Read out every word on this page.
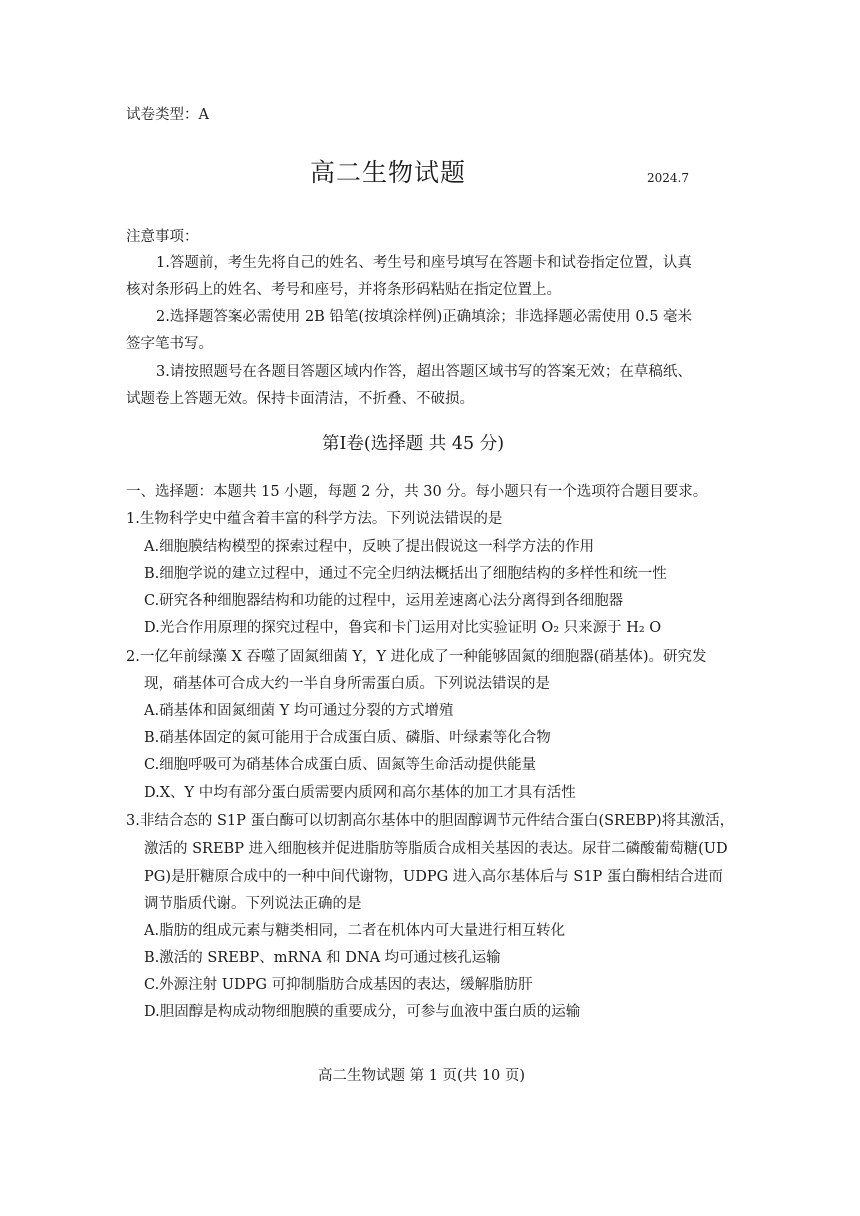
试卷类型：A
高二生物试题	2024.7
注意事项：
1.答题前，考生先将自己的姓名、考生号和座号填写在答题卡和试卷指定位置，认真
核对条形码上的姓名、考号和座号，并将条形码粘贴在指定位置上。
2.选择题答案必需使用 2B 铅笔(按填涂样例)正确填涂；非选择题必需使用 0.5 毫米
签字笔书写。
3.请按照题号在各题目答题区域内作答，超出答题区域书写的答案无效；在草稿纸、
试题卷上答题无效。保持卡面清洁，不折叠、不破损。
第Ⅰ卷(选择题 共 45 分)
一、选择题：本题共 15 小题，每题 2 分，共 30 分。每小题只有一个选项符合题目要求。
1.生物科学史中蕴含着丰富的科学方法。下列说法错误的是
A.细胞膜结构模型的探索过程中，反映了提出假说这一科学方法的作用
B.细胞学说的建立过程中，通过不完全归纳法概括出了细胞结构的多样性和统一性
C.研究各种细胞器结构和功能的过程中，运用差速离心法分离得到各细胞器
D.光合作用原理的探究过程中，鲁宾和卡门运用对比实验证明 O₂ 只来源于 H₂ O
2.一亿年前绿藻 X 吞噬了固氮细菌 Y，Y 进化成了一种能够固氮的细胞器(硝基体)。研究发
现，硝基体可合成大约一半自身所需蛋白质。下列说法错误的是
A.硝基体和固氮细菌 Y 均可通过分裂的方式增殖
B.硝基体固定的氮可能用于合成蛋白质、磷脂、叶绿素等化合物
C.细胞呼吸可为硝基体合成蛋白质、固氮等生命活动提供能量
D.X、Y 中均有部分蛋白质需要内质网和高尔基体的加工才具有活性
3.非结合态的 S1P 蛋白酶可以切割高尔基体中的胆固醇调节元件结合蛋白(SREBP)将其激活，
激活的 SREBP 进入细胞核并促进脂肪等脂质合成相关基因的表达。尿苷二磷酸葡萄糖(UD
PG)是肝糖原合成中的一种中间代谢物，UDPG 进入高尔基体后与 S1P 蛋白酶相结合进而
调节脂质代谢。下列说法正确的是
A.脂肪的组成元素与糖类相同，二者在机体内可大量进行相互转化
B.激活的 SREBP、mRNA 和 DNA 均可通过核孔运输
C.外源注射 UDPG 可抑制脂肪合成基因的表达，缓解脂肪肝
D.胆固醇是构成动物细胞膜的重要成分，可参与血液中蛋白质的运输
高二生物试题 第 1 页(共 10 页)
